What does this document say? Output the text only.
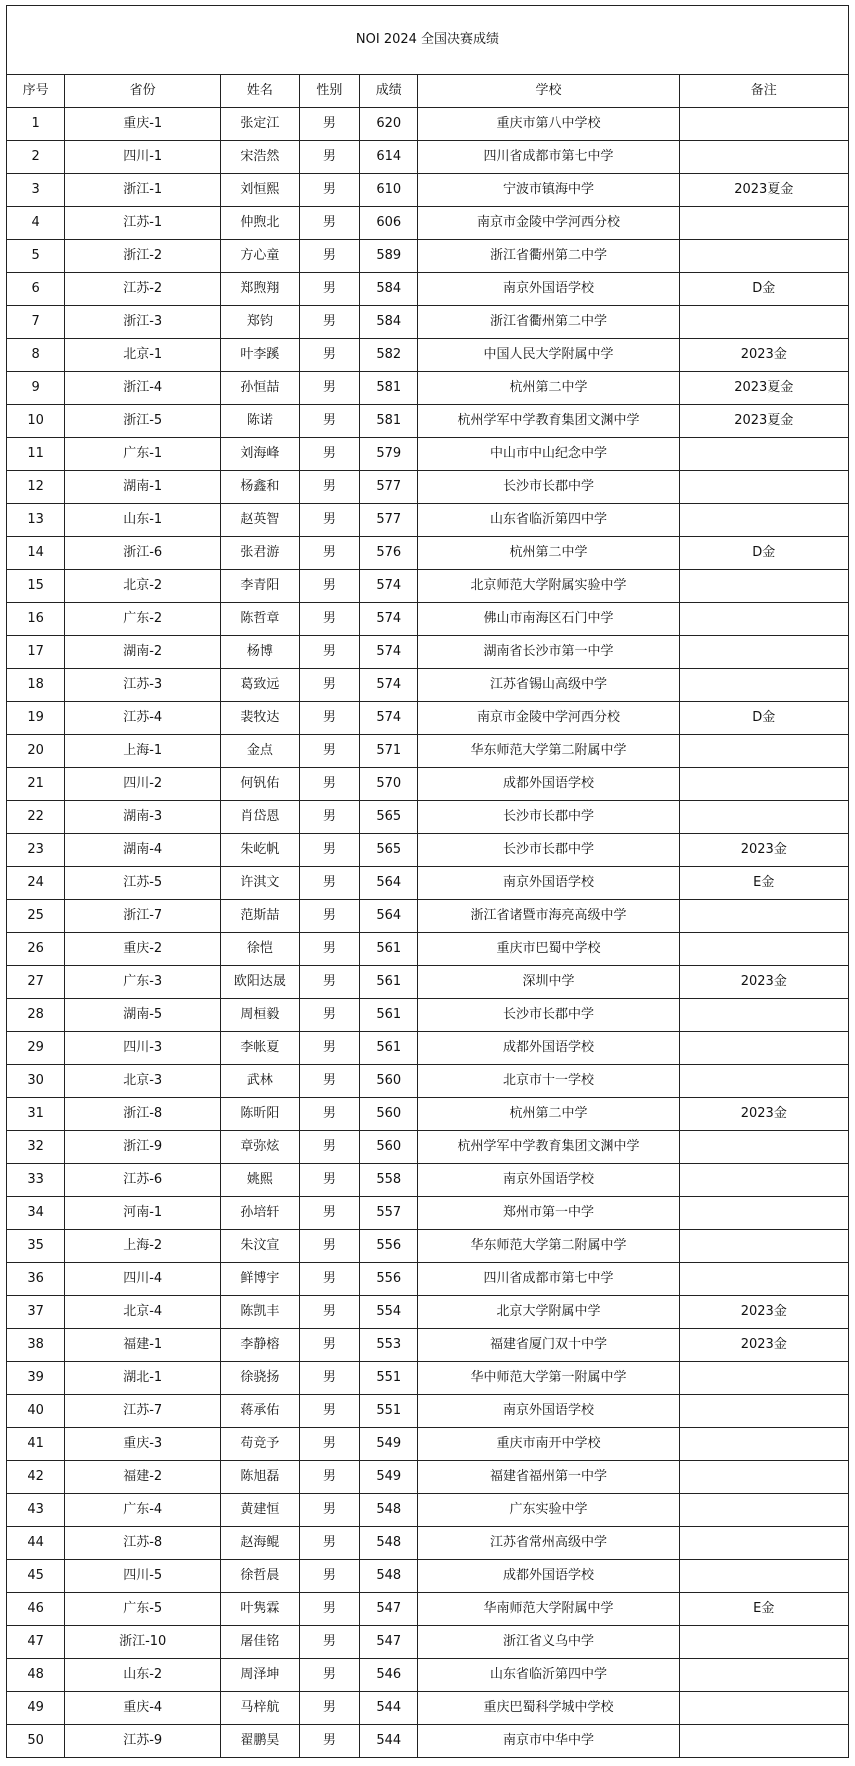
NOI 2024 全国决赛成绩						
序号	省份	姓名	性别	成绩	学校	备注
1	重庆-1	张定江	男	620	重庆市第八中学校	
2	四川-1	宋浩然	男	614	四川省成都市第七中学	
3	浙江-1	刘恒熙	男	610	宁波市镇海中学	2023夏金
4	江苏-1	仲煦北	男	606	南京市金陵中学河西分校	
5	浙江-2	方心童	男	589	浙江省衢州第二中学	
6	江苏-2	郑煦翔	男	584	南京外国语学校	D金
7	浙江-3	郑钧	男	584	浙江省衢州第二中学	
8	北京-1	叶李蹊	男	582	中国人民大学附属中学	2023金
9	浙江-4	孙恒喆	男	581	杭州第二中学	2023夏金
10	浙江-5	陈诺	男	581	杭州学军中学教育集团文渊中学	2023夏金
11	广东-1	刘海峰	男	579	中山市中山纪念中学	
12	湖南-1	杨鑫和	男	577	长沙市长郡中学	
13	山东-1	赵英智	男	577	山东省临沂第四中学	
14	浙江-6	张君游	男	576	杭州第二中学	D金
15	北京-2	李青阳	男	574	北京师范大学附属实验中学	
16	广东-2	陈哲章	男	574	佛山市南海区石门中学	
17	湖南-2	杨博	男	574	湖南省长沙市第一中学	
18	江苏-3	葛致远	男	574	江苏省锡山高级中学	
19	江苏-4	裴牧达	男	574	南京市金陵中学河西分校	D金
20	上海-1	金点	男	571	华东师范大学第二附属中学	
21	四川-2	何钒佑	男	570	成都外国语学校	
22	湖南-3	肖岱恩	男	565	长沙市长郡中学	
23	湖南-4	朱屹帆	男	565	长沙市长郡中学	2023金
24	江苏-5	许淇文	男	564	南京外国语学校	E金
25	浙江-7	范斯喆	男	564	浙江省诸暨市海亮高级中学	
26	重庆-2	徐恺	男	561	重庆市巴蜀中学校	
27	广东-3	欧阳达晟	男	561	深圳中学	2023金
28	湖南-5	周桓毅	男	561	长沙市长郡中学	
29	四川-3	李帐夏	男	561	成都外国语学校	
30	北京-3	武林	男	560	北京市十一学校	
31	浙江-8	陈昕阳	男	560	杭州第二中学	2023金
32	浙江-9	章弥炫	男	560	杭州学军中学教育集团文渊中学	
33	江苏-6	姚熙	男	558	南京外国语学校	
34	河南-1	孙培轩	男	557	郑州市第一中学	
35	上海-2	朱汶宣	男	556	华东师范大学第二附属中学	
36	四川-4	鲜博宇	男	556	四川省成都市第七中学	
37	北京-4	陈凯丰	男	554	北京大学附属中学	2023金
38	福建-1	李静榕	男	553	福建省厦门双十中学	2023金
39	湖北-1	徐骁扬	男	551	华中师范大学第一附属中学	
40	江苏-7	蒋承佑	男	551	南京外国语学校	
41	重庆-3	苟竞予	男	549	重庆市南开中学校	
42	福建-2	陈旭磊	男	549	福建省福州第一中学	
43	广东-4	黄建恒	男	548	广东实验中学	
44	江苏-8	赵海鲲	男	548	江苏省常州高级中学	
45	四川-5	徐哲晨	男	548	成都外国语学校	
46	广东-5	叶隽霖	男	547	华南师范大学附属中学	E金
47	浙江-10	屠佳铭	男	547	浙江省义乌中学	
48	山东-2	周泽坤	男	546	山东省临沂第四中学	
49	重庆-4	马梓航	男	544	重庆巴蜀科学城中学校	
50	江苏-9	翟鹏昊	男	544	南京市中华中学	
